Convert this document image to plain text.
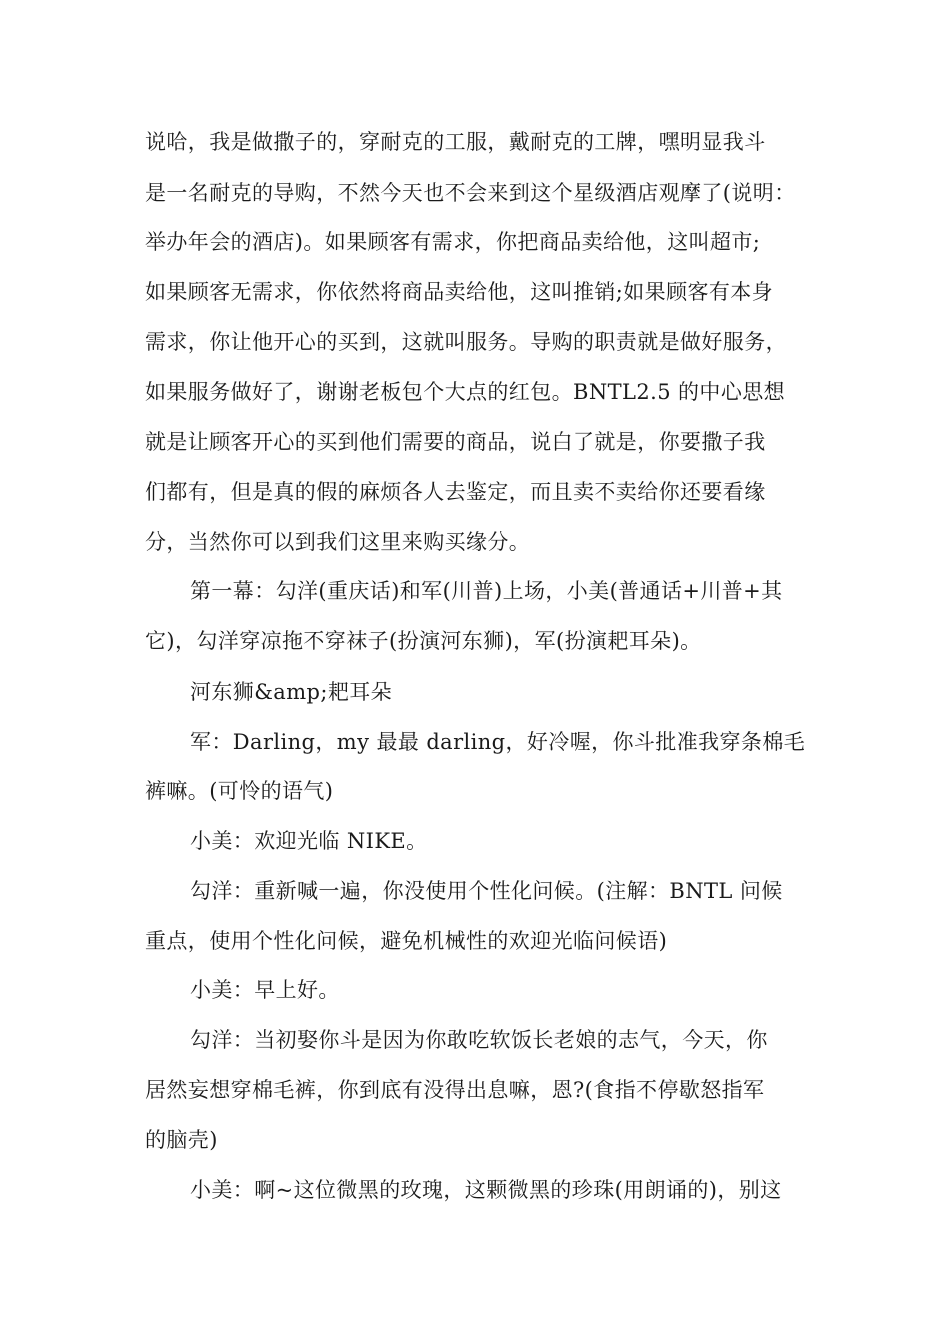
说哈，我是做撒子的，穿耐克的工服，戴耐克的工牌，嘿明显我斗
是一名耐克的导购，不然今天也不会来到这个星级酒店观摩了(说明：
举办年会的酒店)。如果顾客有需求，你把商品卖给他，这叫超市;
如果顾客无需求，你依然将商品卖给他，这叫推销;如果顾客有本身
需求，你让他开心的买到，这就叫服务。导购的职责就是做好服务，
如果服务做好了，谢谢老板包个大点的红包。BNTL2.5 的中心思想
就是让顾客开心的买到他们需要的商品，说白了就是，你要撒子我
们都有，但是真的假的麻烦各人去鉴定，而且卖不卖给你还要看缘
分，当然你可以到我们这里来购买缘分。
第一幕：勾洋(重庆话)和军(川普)上场，小美(普通话+川普+其
它)，勾洋穿凉拖不穿袜子(扮演河东狮)，军(扮演耙耳朵)。
河东狮&amp;耙耳朵
军：Darling，my 最最 darling，好冷喔，你斗批准我穿条棉毛
裤嘛。(可怜的语气)
小美：欢迎光临 NIKE。
勾洋：重新喊一遍，你没使用个性化问候。(注解：BNTL 问候
重点，使用个性化问候，避免机械性的欢迎光临问候语)
小美：早上好。
勾洋：当初娶你斗是因为你敢吃软饭长老娘的志气，今天，你
居然妄想穿棉毛裤，你到底有没得出息嘛，恩?(食指不停歇怒指军
的脑壳)
小美：啊~这位微黑的玫瑰，这颗微黑的珍珠(用朗诵的)，别这
